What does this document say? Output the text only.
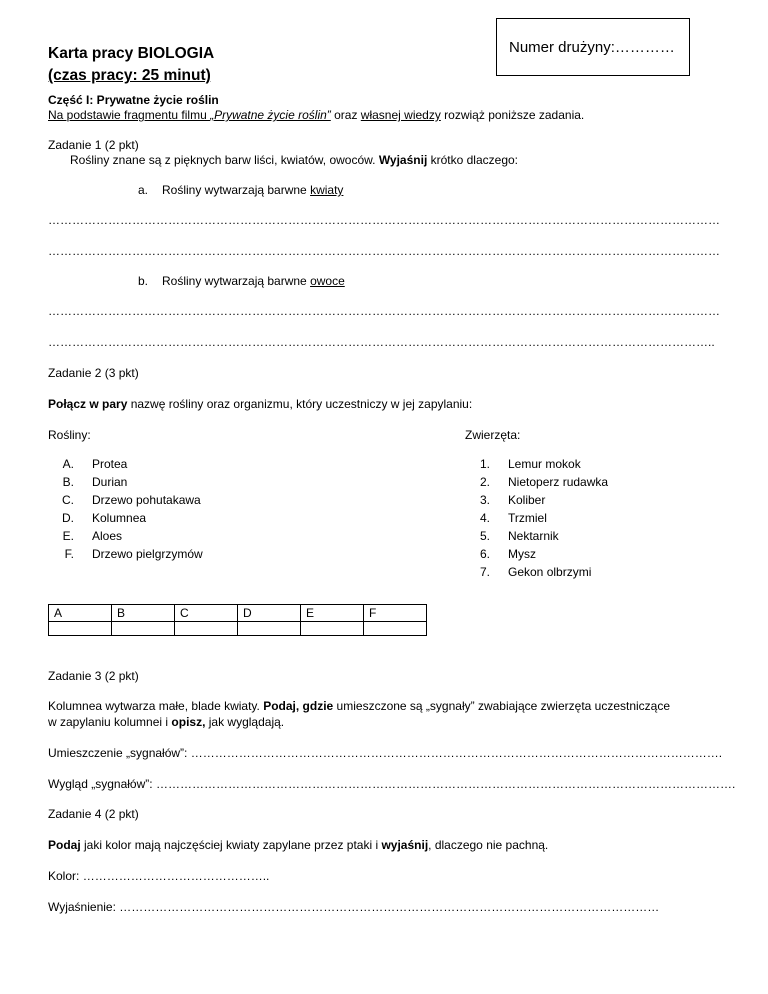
Karta pracy BIOLOGIA
(czas pracy: 25 minut)
Numer drużyny:…………
Część I: Prywatne życie roślin
Na podstawie fragmentu filmu „Prywatne życie roślin” oraz własnej wiedzy rozwiąż poniższe zadania.
Zadanie 1 (2 pkt)
Rośliny znane są z pięknych barw liści, kwiatów, owoców. Wyjaśnij krótko dlaczego:
a. Rośliny wytwarzają barwne kwiaty
……………………………………………………………………………………………………………………………………………………
……………………………………………………………………………………………………………………………………………………
b. Rośliny wytwarzają barwne owoce
……………………………………………………………………………………………………………………………………………………
…………………………………………………………………………………………………………………………………………………..
Zadanie 2 (3 pkt)
Połącz w pary nazwę rośliny oraz organizmu, który uczestniczy w jej zapylaniu:
Rośliny:	Zwierzęta:
A. Protea
B. Durian
C. Drzewo pohutakawa
D. Kolumnea
E. Aloes
F. Drzewo pielgrzymów
1. Lemur mokok
2. Nietoperz rudawka
3. Koliber
4. Trzmiel
5. Nektarnik
6. Mysz
7. Gekon olbrzymi
A	B	C	D	E	F

Zadanie 3 (2 pkt)
Kolumnea wytwarza małe, blade kwiaty. Podaj, gdzie umieszczone są „sygnały” zwabiające zwierzęta uczestniczące
w zapylaniu kolumnei i opisz, jak wyglądają.
Umieszczenie „sygnałów”: …………………………………………………………………………………………………………………….
Wygląd „sygnałów”: ……………………………………………………………………………………………………………………………….
Zadanie 4 (2 pkt)
Podaj jaki kolor mają najczęściej kwiaty zapylane przez ptaki i wyjaśnij, dlaczego nie pachną.
Kolor: ………………………………………..
Wyjaśnienie: ………………………………………………………………………………………………………………………
